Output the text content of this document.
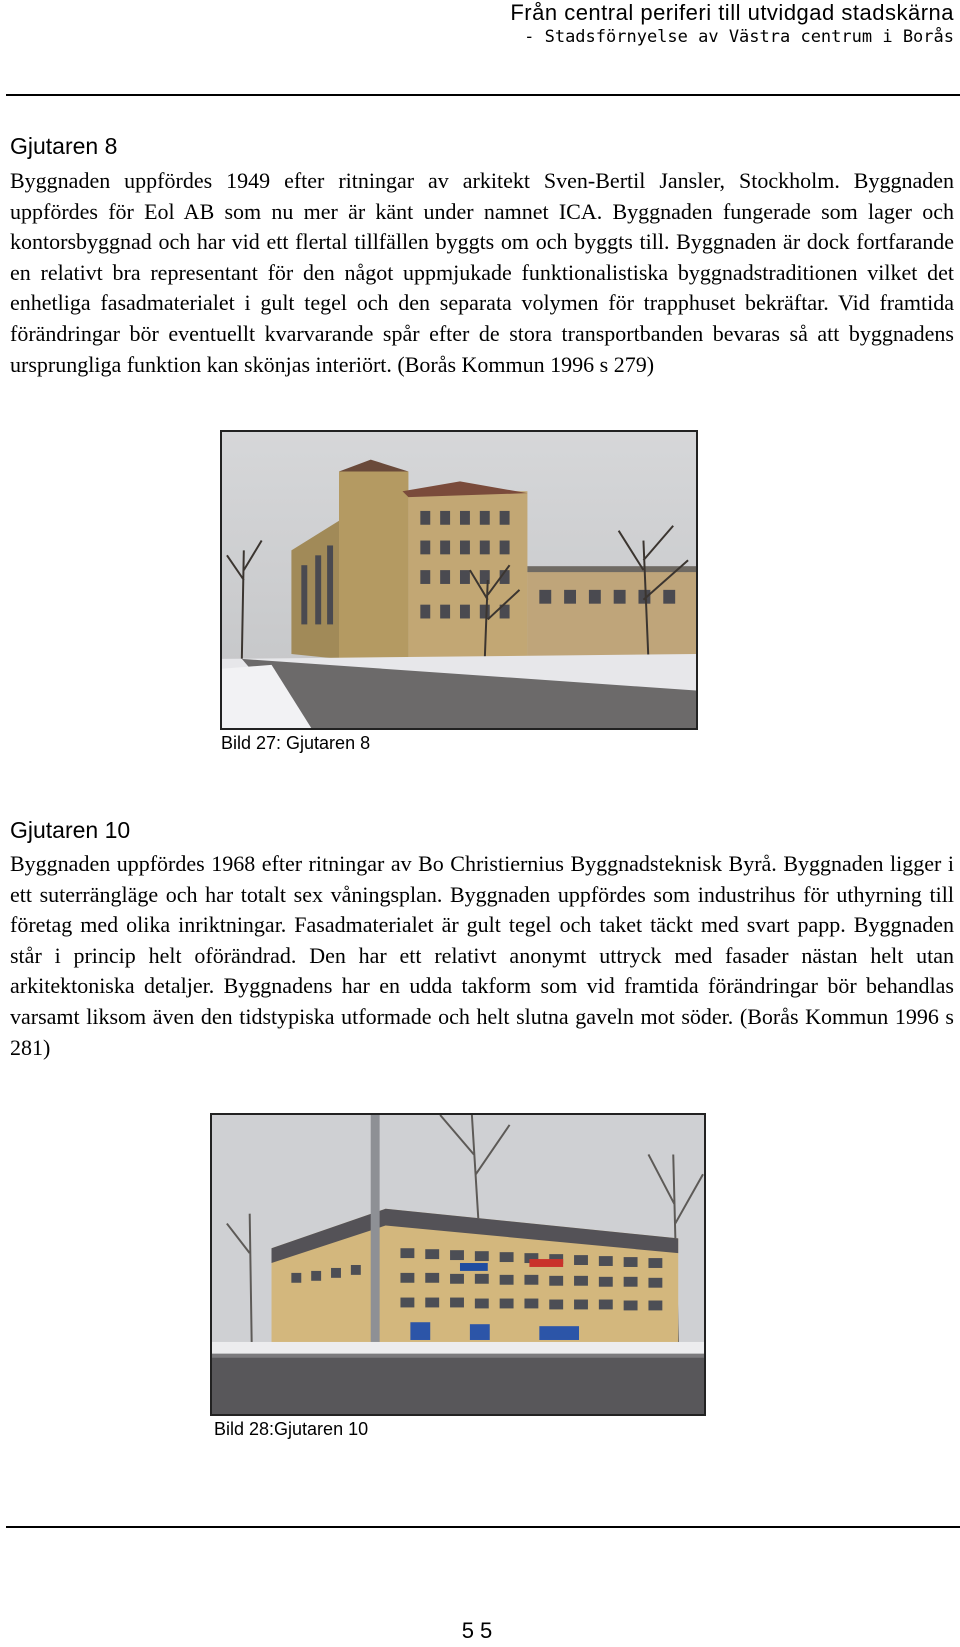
Från central periferi till utvidgad stadskärna
- Stadsförnyelse av Västra centrum i Borås
Gjutaren 8
Byggnaden uppfördes 1949 efter ritningar av arkitekt Sven-Bertil Jansler, Stockholm. Byggnaden uppfördes för Eol AB som nu mer är känt under namnet ICA. Byggnaden fungerade som lager och kontorsbyggnad och har vid ett flertal tillfällen byggts om och byggts till. Byggnaden är dock fortfarande en relativt bra representant för den något uppmjukade funktionalistiska byggnadstraditionen vilket det enhetliga fasadmaterialet i gult tegel och den separata volymen för trapphuset bekräftar. Vid framtida förändringar bör eventuellt kvarvarande spår efter de stora transportbanden bevaras så att byggnadens ursprungliga funktion kan skönjas interiört. (Borås Kommun 1996 s 279)
Bild 27: Gjutaren 8
Gjutaren 10
Byggnaden uppfördes 1968 efter ritningar av Bo Christiernius Byggnadsteknisk Byrå. Byggnaden ligger i ett suterrängläge och har totalt sex våningsplan. Byggnaden uppfördes som industrihus för uthyrning till företag med olika inriktningar. Fasadmaterialet är gult tegel och taket täckt med svart papp. Byggnaden står i princip helt oförändrad. Den har ett relativt anonymt uttryck med fasader nästan helt utan arkitektoniska detaljer. Byggnadens har en udda takform som vid framtida förändringar bör behandlas varsamt liksom även den tidstypiska utformade och helt slutna gaveln mot söder. (Borås Kommun 1996 s 281)
Bild 28:Gjutaren 10
55
